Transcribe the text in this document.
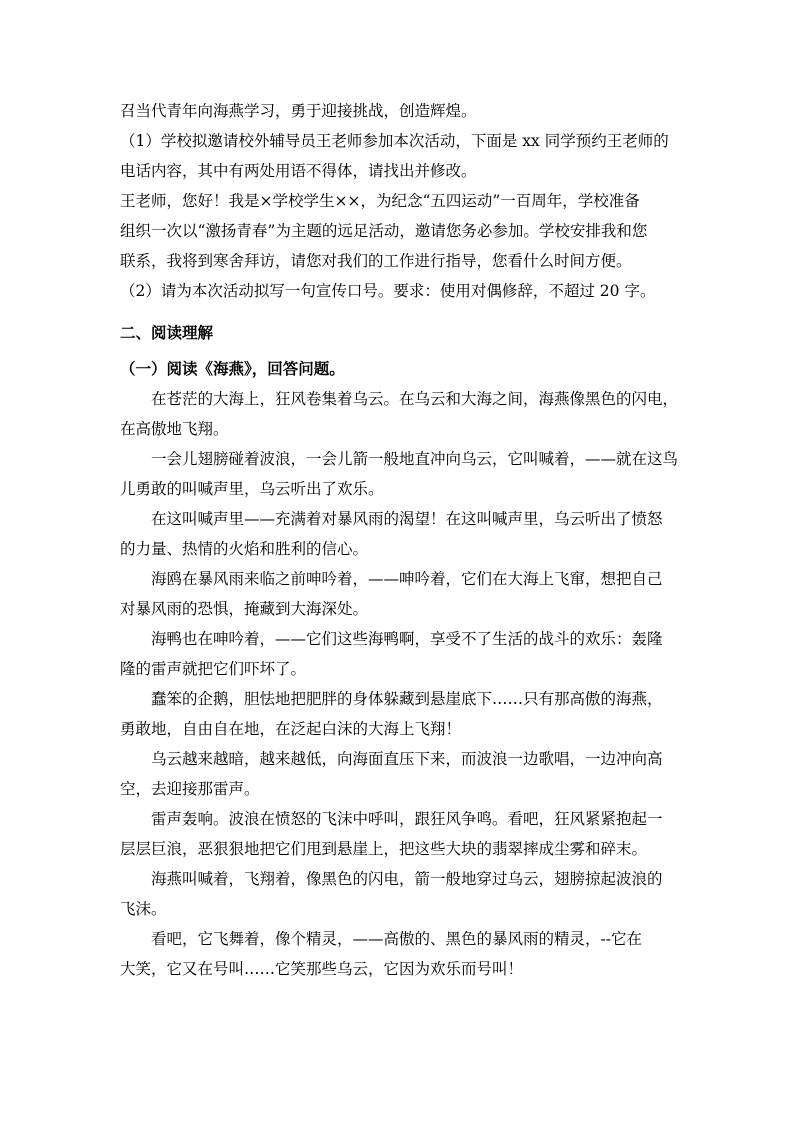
召当代青年向海燕学习，勇于迎接挑战，创造辉煌。

（1）学校拟邀请校外辅导员王老师参加本次活动，下面是 xx 同学预约王老师的

电话内容，其中有两处用语不得体，请找出并修改。

王老师，您好！我是×学校学生××，为纪念“五四运动”一百周年，学校准备

组织一次以“激扬青春”为主题的远足活动，邀请您务必参加。学校安排我和您

联系，我将到寒舍拜访，请您对我们的工作进行指导，您看什么时间方便。

（2）请为本次活动拟写一句宣传口号。要求：使用对偶修辞，不超过 20 字。

二、阅读理解

（一）阅读《海燕》，回答问题。

在苍茫的大海上，狂风卷集着乌云。在乌云和大海之间，海燕像黑色的闪电，

在高傲地飞翔。

一会儿翅膀碰着波浪，一会儿箭一般地直冲向乌云，它叫喊着，——就在这鸟

儿勇敢的叫喊声里，乌云听出了欢乐。

在这叫喊声里——充满着对暴风雨的渴望！在这叫喊声里，乌云听出了愤怒

的力量、热情的火焰和胜利的信心。

海鸥在暴风雨来临之前呻吟着，——呻吟着，它们在大海上飞窜，想把自己

对暴风雨的恐惧，掩藏到大海深处。

海鸭也在呻吟着，——它们这些海鸭啊，享受不了生活的战斗的欢乐：轰隆

隆的雷声就把它们吓坏了。

蠢笨的企鹅，胆怯地把肥胖的身体躲藏到悬崖底下……只有那高傲的海燕，

勇敢地，自由自在地，在泛起白沫的大海上飞翔！

乌云越来越暗，越来越低，向海面直压下来，而波浪一边歌唱，一边冲向高

空，去迎接那雷声。

雷声轰响。波浪在愤怒的飞沫中呼叫，跟狂风争鸣。看吧，狂风紧紧抱起一

层层巨浪，恶狠狠地把它们甩到悬崖上，把这些大块的翡翠摔成尘雾和碎末。

海燕叫喊着，飞翔着，像黑色的闪电，箭一般地穿过乌云，翅膀掠起波浪的

飞沫。

看吧，它飞舞着，像个精灵，——高傲的、黑色的暴风雨的精灵，--它在

大笑，它又在号叫……它笑那些乌云，它因为欢乐而号叫！
